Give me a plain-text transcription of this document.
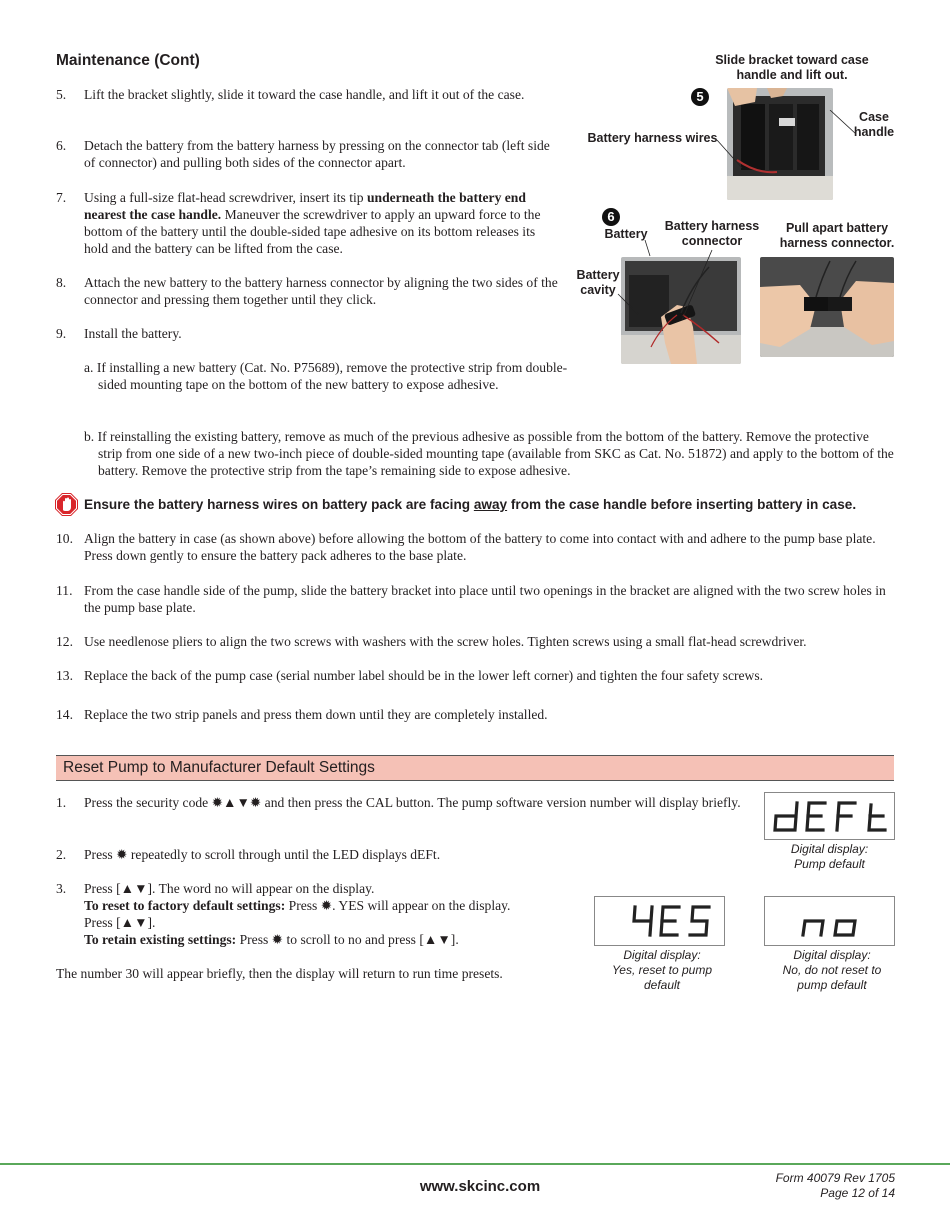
Maintenance (Cont)
5. Lift the bracket slightly, slide it toward the case handle, and lift it out of the case.
6. Detach the battery from the battery harness by pressing on the connector tab (left side of connector) and pulling both sides of the connector apart.
7. Using a full-size flat-head screwdriver, insert its tip underneath the battery end nearest the case handle. Maneuver the screwdriver to apply an upward force to the bottom of the battery until the double-sided tape adhesive on its bottom releases its hold and the battery can be lifted from the case.
8. Attach the new battery to the battery harness connector by aligning the two sides of the connector and pressing them together until they click.
9. Install the battery.
a. If installing a new battery (Cat. No. P75689), remove the protective strip from double-sided mounting tape on the bottom of the new battery to expose adhesive.
b. If reinstalling the existing battery, remove as much of the previous adhesive as possible from the bottom of the battery. Remove the protective strip from one side of a new two-inch piece of double-sided mounting tape (available from SKC as Cat. No. 51872) and apply to the bottom of the battery. Remove the protective strip from the tape’s remaining side to expose adhesive.
Ensure the battery harness wires on battery pack are facing away from the case handle before inserting battery in case.
10. Align the battery in case (as shown above) before allowing the bottom of the battery to come into contact with and adhere to the pump base plate. Press down gently to ensure the battery pack adheres to the base plate.
11. From the case handle side of the pump, slide the battery bracket into place until two openings in the bracket are aligned with the two screw holes in the pump base plate.
12. Use needlenose pliers to align the two screws with washers with the screw holes. Tighten screws using a small flat-head screwdriver.
13. Replace the back of the pump case (serial number label should be in the lower left corner) and tighten the four safety screws.
14. Replace the two strip panels and press them down until they are completely installed.
Slide bracket toward case handle and lift out.
5
Case handle
Battery harness wires
6
Battery
Battery harness connector
Battery cavity
Pull apart battery harness connector.
Reset Pump to Manufacturer Default Settings
1. Press the security code ✹▲▼✹ and then press the CAL button. The pump software version number will display briefly.
2. Press ✹ repeatedly to scroll through until the LED displays dEFt.
3. Press [▲▼]. The word no will appear on the display.
To reset to factory default settings: Press ✹. YES will appear on the display.
Press [▲▼].
To retain existing settings: Press ✹ to scroll to no and press [▲▼].
The number 30 will appear briefly, then the display will return to run time presets.
Digital display:
Pump default
Digital display:
Yes, reset to pump
default
Digital display:
No, do not reset to
pump default
www.skcinc.com	Form 40079 Rev 1705
Page 12 of 14
